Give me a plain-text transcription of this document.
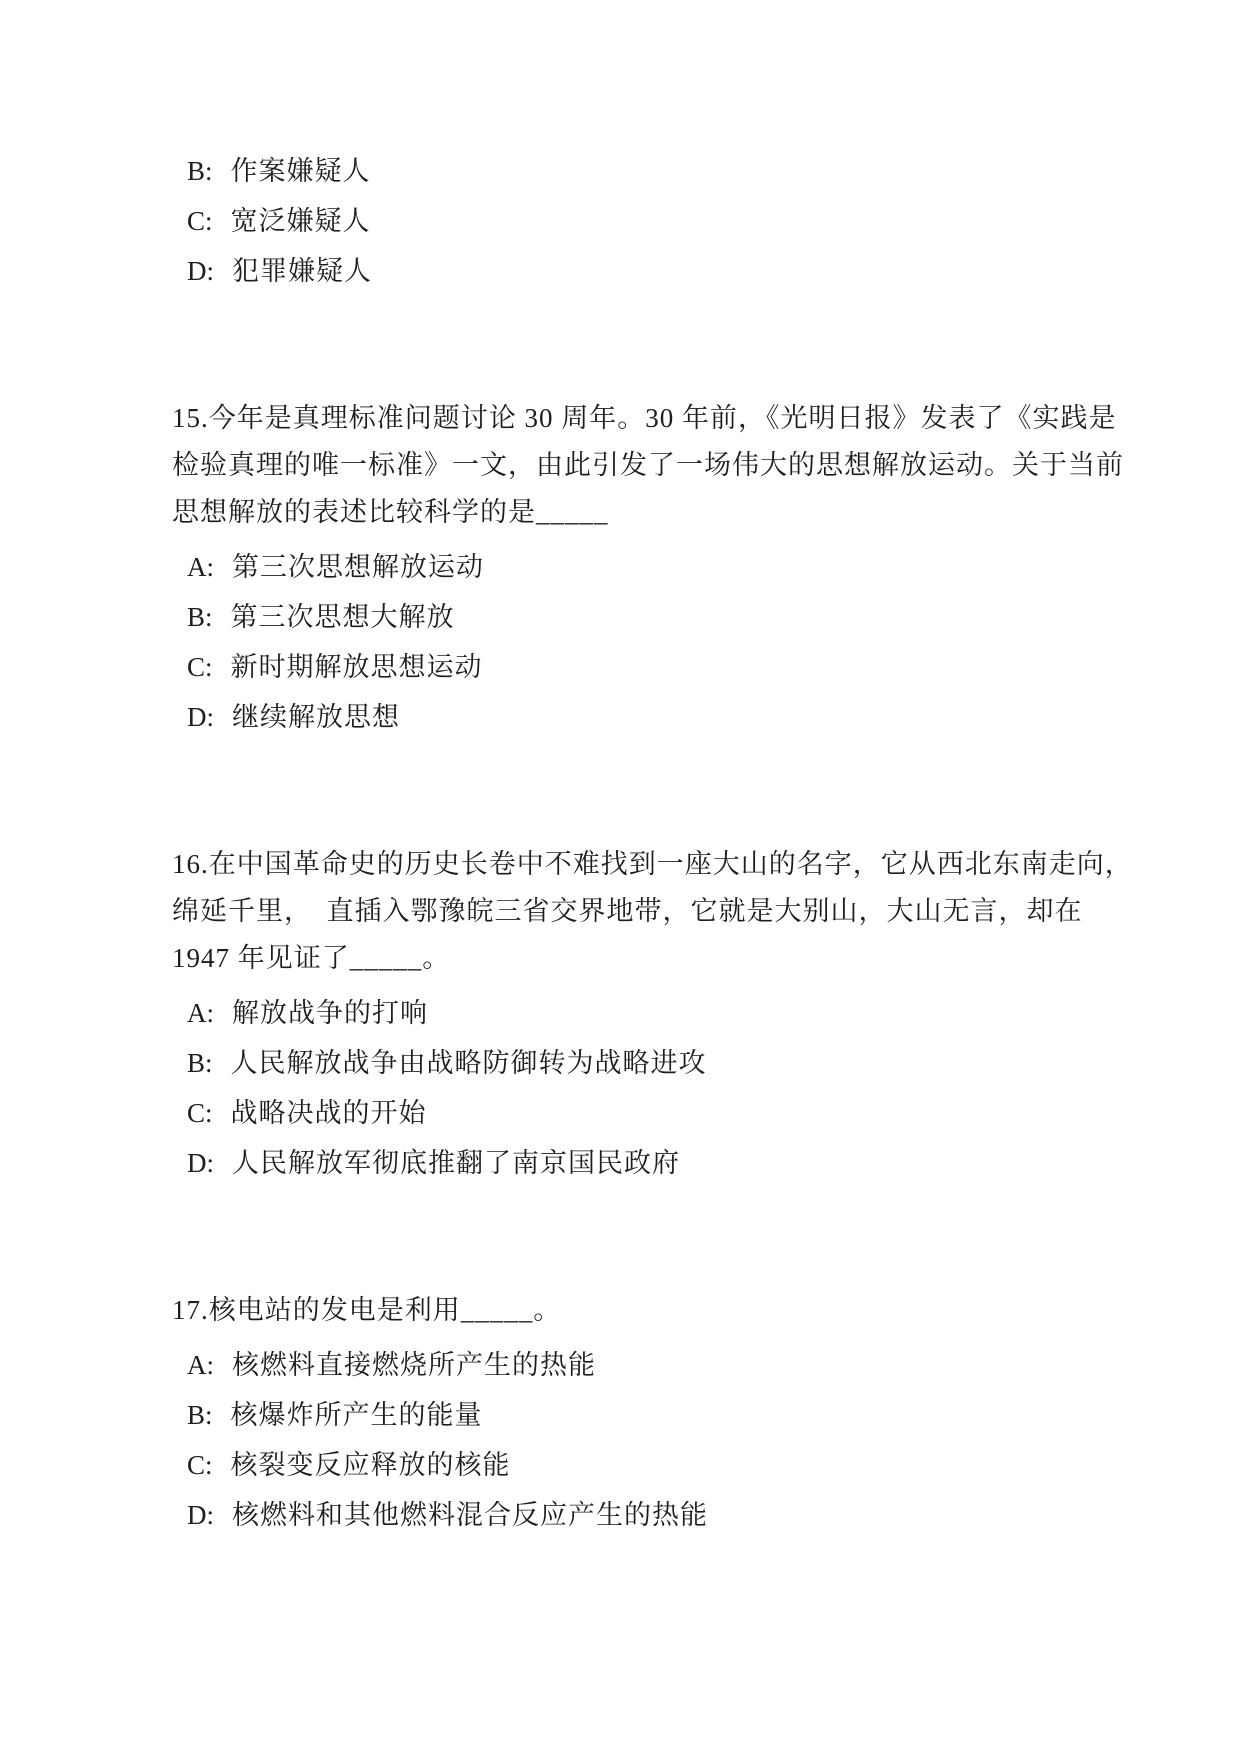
B: 作案嫌疑人
C: 宽泛嫌疑人
D: 犯罪嫌疑人
15.今年是真理标准问题讨论 30 周年。30 年前，《光明日报》发表了《实践是
检验真理的唯一标准》一文，由此引发了一场伟大的思想解放运动。关于当前
思想解放的表述比较科学的是_____
A: 第三次思想解放运动
B: 第三次思想大解放
C: 新时期解放思想运动
D: 继续解放思想
16.在中国革命史的历史长卷中不难找到一座大山的名字，它从西北东南走向，
绵延千里，　直插入鄂豫皖三省交界地带，它就是大别山，大山无言，却在
1947 年见证了_____。
A: 解放战争的打响
B: 人民解放战争由战略防御转为战略进攻
C: 战略决战的开始
D: 人民解放军彻底推翻了南京国民政府
17.核电站的发电是利用_____。
A: 核燃料直接燃烧所产生的热能
B: 核爆炸所产生的能量
C: 核裂变反应释放的核能
D: 核燃料和其他燃料混合反应产生的热能
